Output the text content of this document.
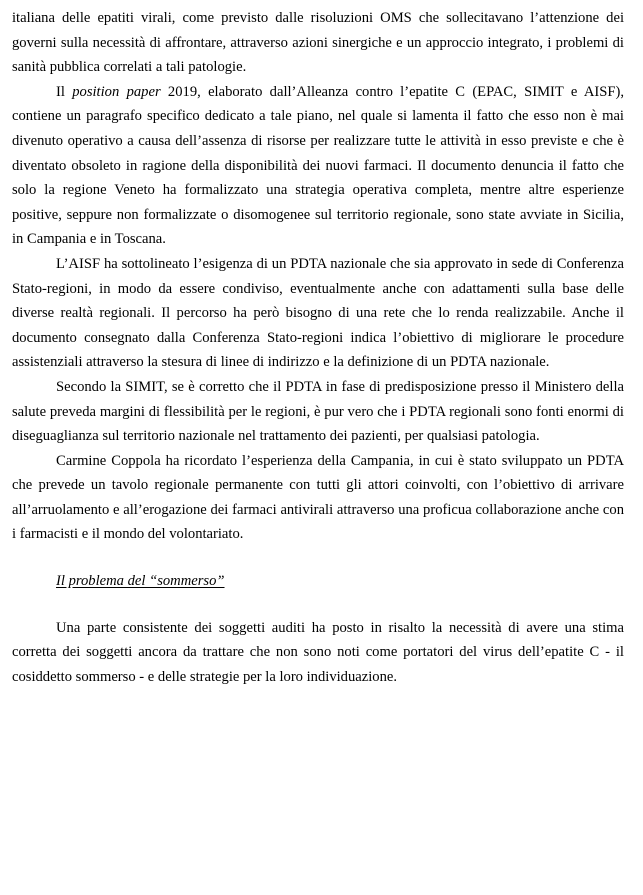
italiana delle epatiti virali, come previsto dalle risoluzioni OMS che sollecitavano l’attenzione dei governi sulla necessità di affrontare, attraverso azioni sinergiche e un approccio integrato, i problemi di sanità pubblica correlati a tali patologie.

Il position paper 2019, elaborato dall’Alleanza contro l’epatite C (EPAC, SIMIT e AISF), contiene un paragrafo specifico dedicato a tale piano, nel quale si lamenta il fatto che esso non è mai divenuto operativo a causa dell’assenza di risorse per realizzare tutte le attività in esso previste e che è diventato obsoleto in ragione della disponibilità dei nuovi farmaci. Il documento denuncia il fatto che solo la regione Veneto ha formalizzato una strategia operativa completa, mentre altre esperienze positive, seppure non formalizzate o disomogenee sul territorio regionale, sono state avviate in Sicilia, in Campania e in Toscana.

L’AISF ha sottolineato l’esigenza di un PDTA nazionale che sia approvato in sede di Conferenza Stato-regioni, in modo da essere condiviso, eventualmente anche con adattamenti sulla base delle diverse realtà regionali. Il percorso ha però bisogno di una rete che lo renda realizzabile. Anche il documento consegnato dalla Conferenza Stato-regioni indica l’obiettivo di migliorare le procedure assistenziali attraverso la stesura di linee di indirizzo e la definizione di un PDTA nazionale.

Secondo la SIMIT, se è corretto che il PDTA in fase di predisposizione presso il Ministero della salute preveda margini di flessibilità per le regioni, è pur vero che i PDTA regionali sono fonti enormi di diseguaglianza sul territorio nazionale nel trattamento dei pazienti, per qualsiasi patologia.

Carmine Coppola ha ricordato l’esperienza della Campania, in cui è stato sviluppato un PDTA che prevede un tavolo regionale permanente con tutti gli attori coinvolti, con l’obiettivo di arrivare all’arruolamento e all’erogazione dei farmaci antivirali attraverso una proficua collaborazione anche con i farmacisti e il mondo del volontariato.

Il problema del “sommerso”

Una parte consistente dei soggetti auditi ha posto in risalto la necessità di avere una stima corretta dei soggetti ancora da trattare che non sono noti come portatori del virus dell’epatite C - il cosiddetto sommerso - e delle strategie per la loro individuazione.
